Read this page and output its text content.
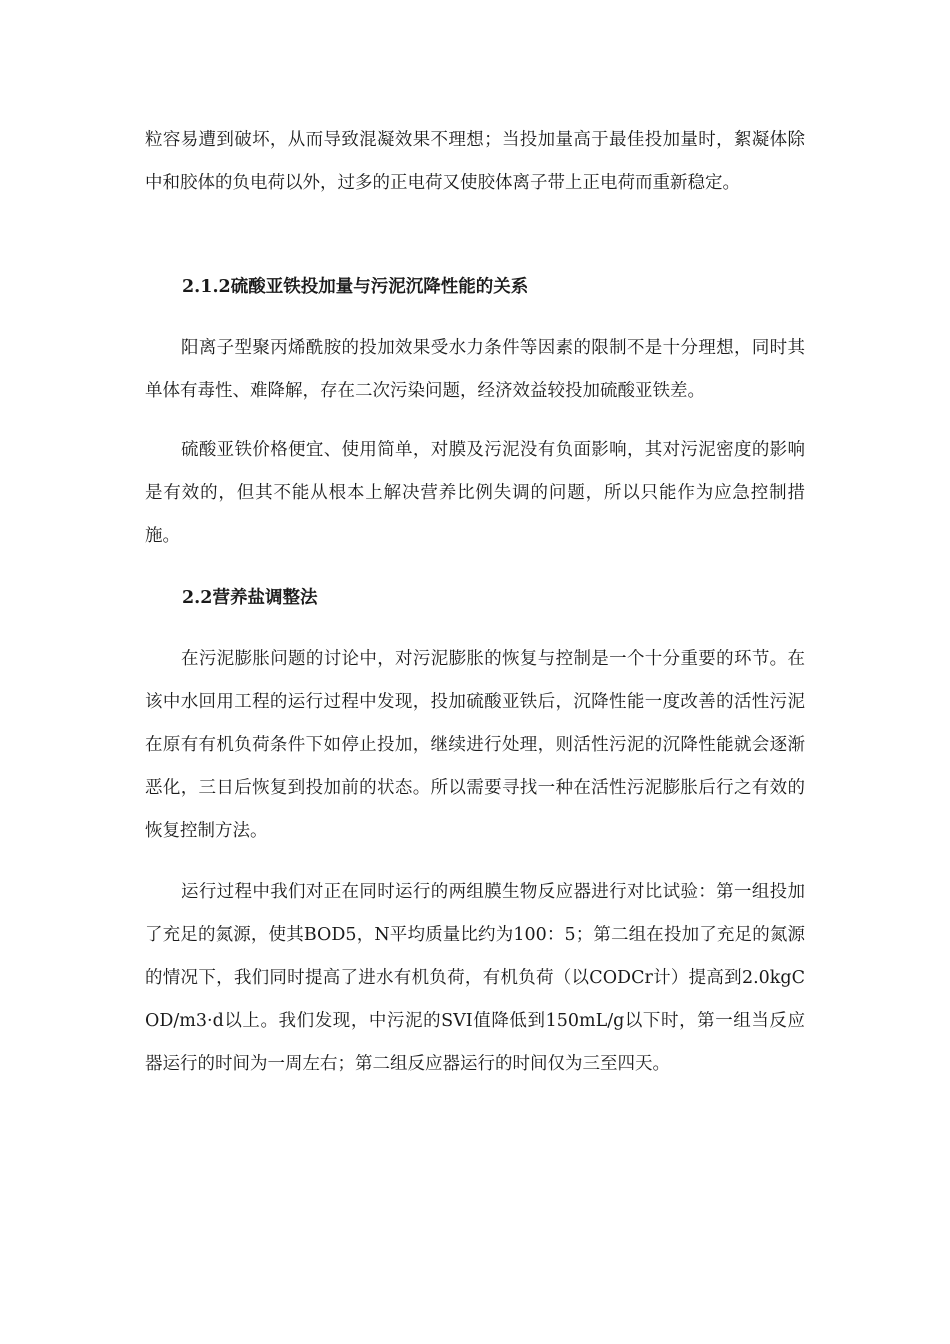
粒容易遭到破坏，从而导致混凝效果不理想；当投加量高于最佳投加量时，絮凝体除中和胶体的负电荷以外，过多的正电荷又使胶体离子带上正电荷而重新稳定。

2.1.2硫酸亚铁投加量与污泥沉降性能的关系

阳离子型聚丙烯酰胺的投加效果受水力条件等因素的限制不是十分理想，同时其单体有毒性、难降解，存在二次污染问题，经济效益较投加硫酸亚铁差。

硫酸亚铁价格便宜、使用简单，对膜及污泥没有负面影响，其对污泥密度的影响是有效的，但其不能从根本上解决营养比例失调的问题，所以只能作为应急控制措施。

2.2营养盐调整法

在污泥膨胀问题的讨论中，对污泥膨胀的恢复与控制是一个十分重要的环节。在该中水回用工程的运行过程中发现，投加硫酸亚铁后，沉降性能一度改善的活性污泥在原有有机负荷条件下如停止投加，继续进行处理，则活性污泥的沉降性能就会逐渐恶化，三日后恢复到投加前的状态。所以需要寻找一种在活性污泥膨胀后行之有效的恢复控制方法。

运行过程中我们对正在同时运行的两组膜生物反应器进行对比试验：第一组投加了充足的氮源，使其BOD5，N平均质量比约为100：5；第二组在投加了充足的氮源的情况下，我们同时提高了进水有机负荷，有机负荷（以CODCr计）提高到2.0kgCOD/m3·d以上。我们发现，中污泥的SVI值降低到150mL/g以下时，第一组当反应器运行的时间为一周左右；第二组反应器运行的时间仅为三至四天。
